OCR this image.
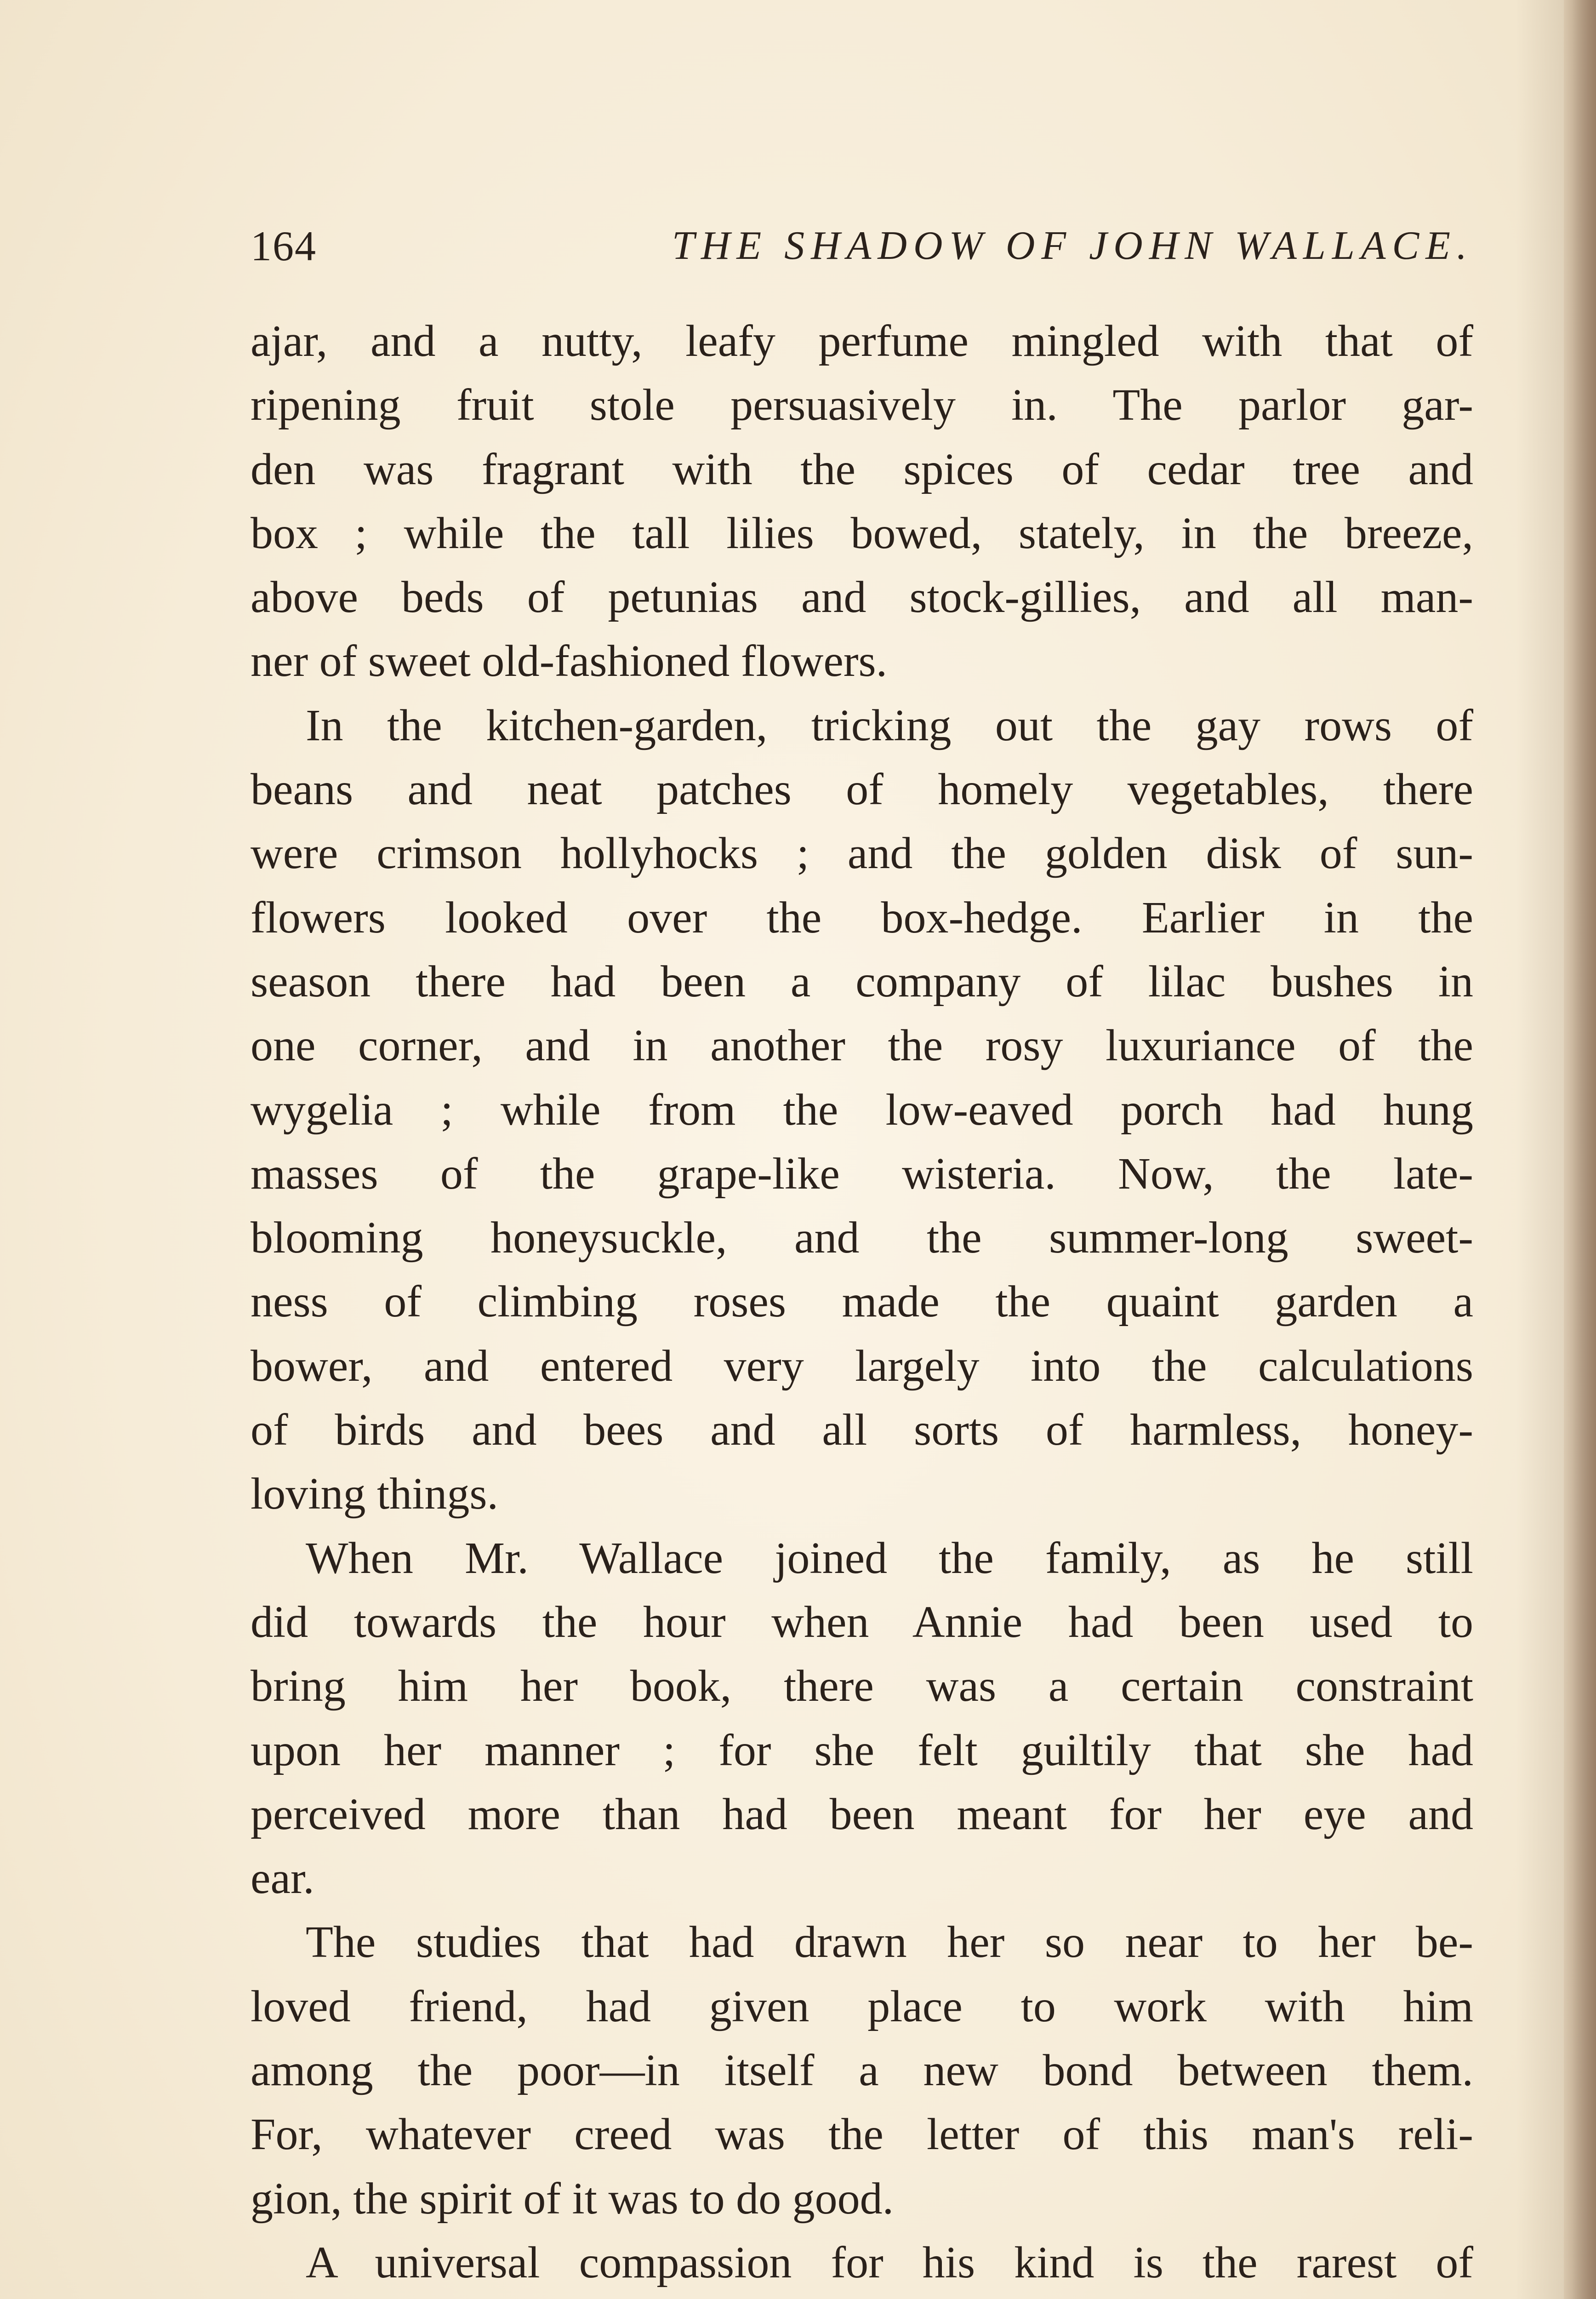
164	THE SHADOW OF JOHN WALLACE.
ajar, and a nutty, leafy perfume mingled with that of
ripening fruit stole persuasively in. The parlor gar-
den was fragrant with the spices of cedar tree and
box ; while the tall lilies bowed, stately, in the breeze,
above beds of petunias and stock-gillies, and all man-
ner of sweet old-fashioned flowers.
In the kitchen-garden, tricking out the gay rows of
beans and neat patches of homely vegetables, there
were crimson hollyhocks ; and the golden disk of sun-
flowers looked over the box-hedge. Earlier in the
season there had been a company of lilac bushes in
one corner, and in another the rosy luxuriance of the
wygelia ; while from the low-eaved porch had hung
masses of the grape-like wisteria. Now, the late-
blooming honeysuckle, and the summer-long sweet-
ness of climbing roses made the quaint garden a
bower, and entered very largely into the calculations
of birds and bees and all sorts of harmless, honey-
loving things.
When Mr. Wallace joined the family, as he still
did towards the hour when Annie had been used to
bring him her book, there was a certain constraint
upon her manner ; for she felt guiltily that she had
perceived more than had been meant for her eye and
ear.
The studies that had drawn her so near to her be-
loved friend, had given place to work with him
among the poor—in itself a new bond between them.
For, whatever creed was the letter of this man's reli-
gion, the spirit of it was to do good.
A universal compassion for his kind is the rarest of
